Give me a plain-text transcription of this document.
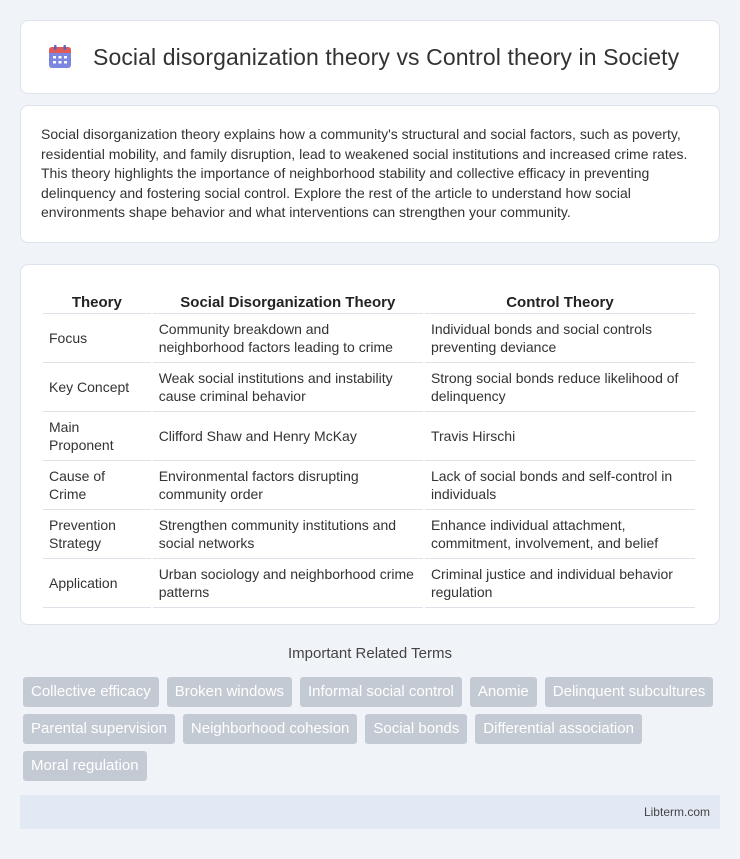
Social disorganization theory vs Control theory in Society

Social disorganization theory explains how a community's structural and social factors, such as poverty, residential mobility, and family disruption, lead to weakened social institutions and increased crime rates. This theory highlights the importance of neighborhood stability and collective efficacy in preventing delinquency and fostering social control. Explore the rest of the article to understand how social environments shape behavior and what interventions can strengthen your community.

Theory	Social Disorganization Theory	Control Theory
Focus	Community breakdown and neighborhood factors leading to crime	Individual bonds and social controls preventing deviance
Key Concept	Weak social institutions and instability cause criminal behavior	Strong social bonds reduce likelihood of delinquency
Main Proponent	Clifford Shaw and Henry McKay	Travis Hirschi
Cause of Crime	Environmental factors disrupting community order	Lack of social bonds and self-control in individuals
Prevention Strategy	Strengthen community institutions and social networks	Enhance individual attachment, commitment, involvement, and belief
Application	Urban sociology and neighborhood crime patterns	Criminal justice and individual behavior regulation
Important Related Terms
Collective efficacy	Broken windows	Informal social control	Anomie	Delinquent subcultures
Parental supervision	Neighborhood cohesion	Social bonds	Differential association
Moral regulation
Libterm.com
